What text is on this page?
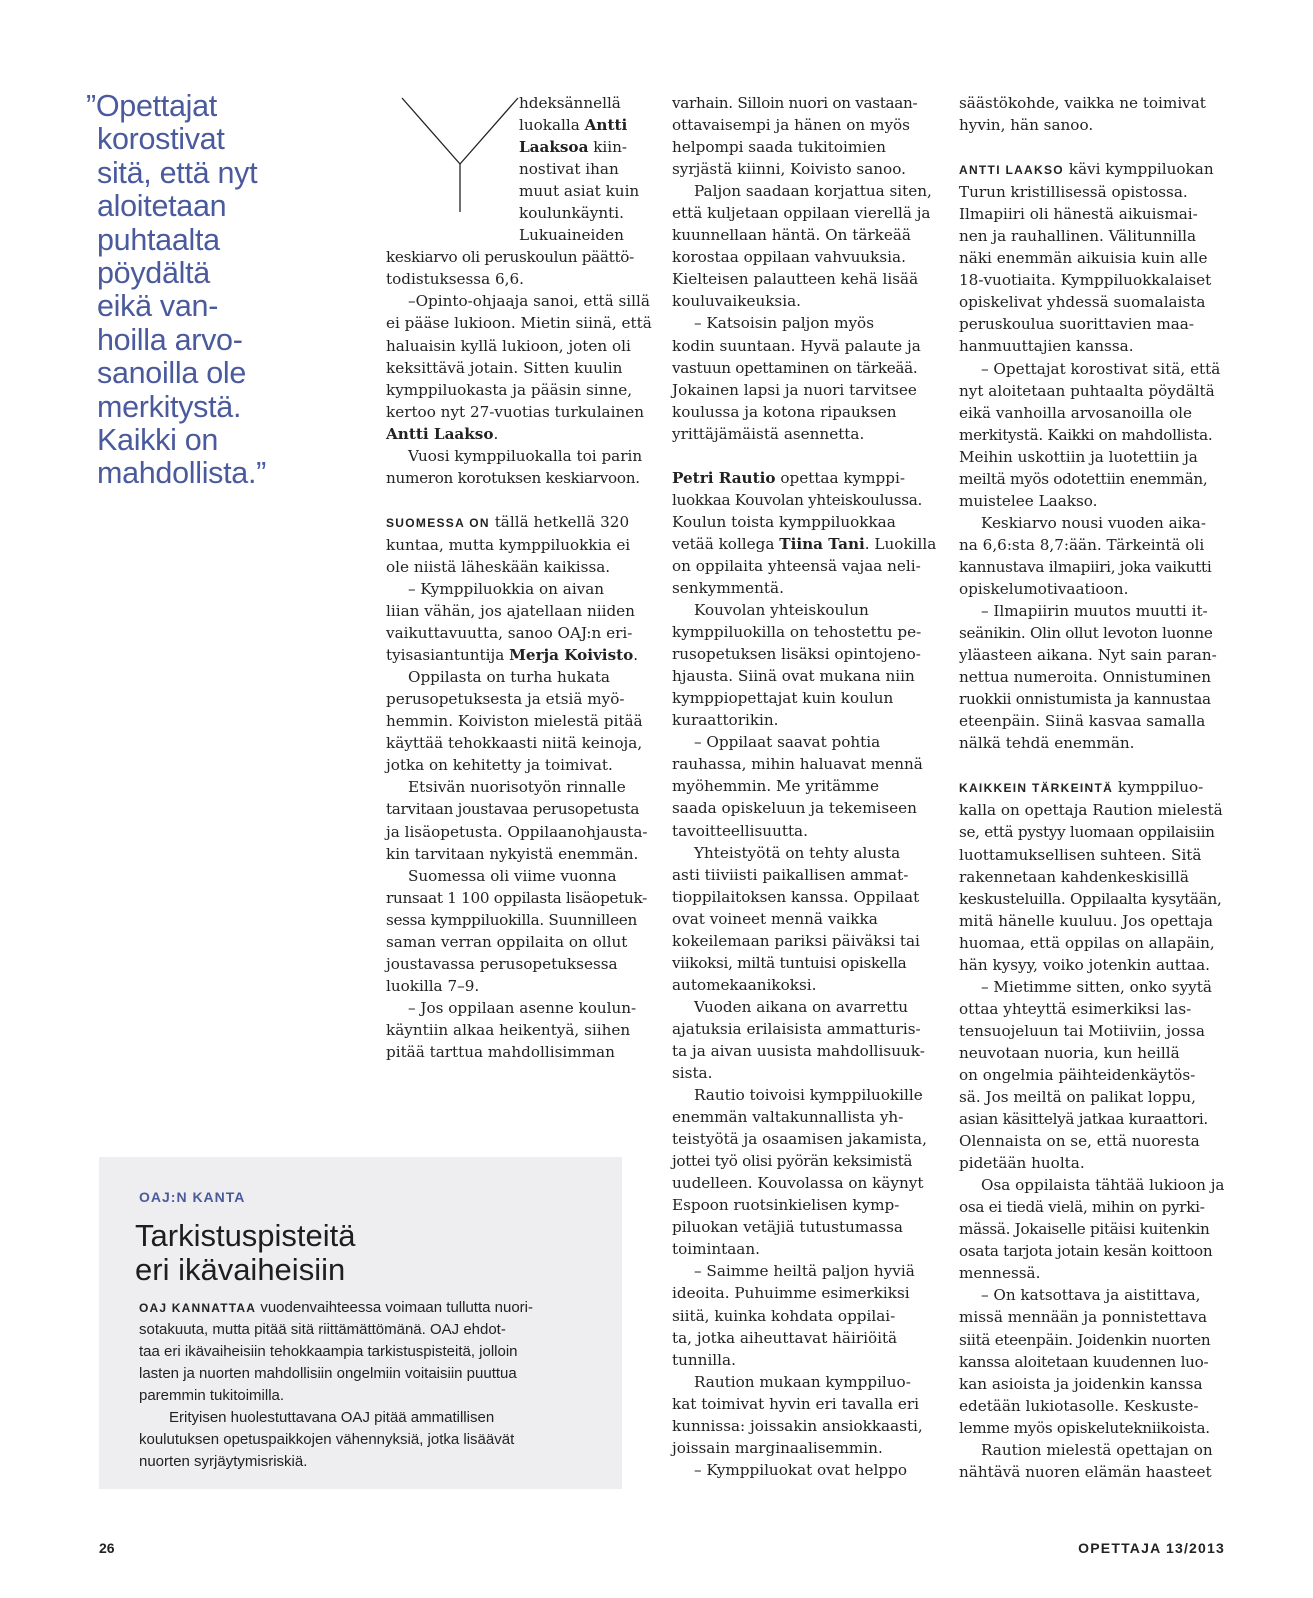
”Opettajat
korostivat
sitä, että nyt
aloitetaan
puhtaalta
pöydältä
eikä van-
hoilla arvo-
sanoilla ole
merkitystä.
Kaikki on
mahdollista.”
Y	hdeksännellä
luokalla Antti
Laaksoa kiin-
nostivat ihan
muut asiat kuin
koulunkäynti.
Lukuaineiden
keskiarvo oli peruskoulun päättö-
todistuksessa 6,6.
–Opinto-ohjaaja sanoi, että sillä
ei pääse lukioon. Mietin siinä, että
haluaisin kyllä lukioon, joten oli
keksittävä jotain. Sitten kuulin
kymppiluokasta ja pääsin sinne,
kertoo nyt 27-vuotias turkulainen
Antti Laakso.
Vuosi kymppiluokalla toi parin
numeron korotuksen keskiarvoon.
SUOMESSA ON tällä hetkellä 320
kuntaa, mutta kymppiluokkia ei
ole niistä läheskään kaikissa.
– Kymppiluokkia on aivan
liian vähän, jos ajatellaan niiden
vaikuttavuutta, sanoo OAJ:n eri-
tyisasiantuntija Merja Koivisto.
Oppilasta on turha hukata
perusopetuksesta ja etsiä myö-
hemmin. Koiviston mielestä pitää
käyttää tehokkaasti niitä keinoja,
jotka on kehitetty ja toimivat.
Etsivän nuorisotyön rinnalle
tarvitaan joustavaa perusopetusta
ja lisäopetusta. Oppilaanohjausta-
kin tarvitaan nykyistä enemmän.
Suomessa oli viime vuonna
runsaat 1 100 oppilasta lisäopetuk-
sessa kymppiluokilla. Suunnilleen
saman verran oppilaita on ollut
joustavassa perusopetuksessa
luokilla 7–9.
– Jos oppilaan asenne koulun-
käyntiin alkaa heikentyä, siihen
pitää tarttua mahdollisimman
varhain. Silloin nuori on vastaan-
ottavaisempi ja hänen on myös
helpompi saada tukitoimien
syrjästä kiinni, Koivisto sanoo.
Paljon saadaan korjattua siten,
että kuljetaan oppilaan vierellä ja
kuunnellaan häntä. On tärkeää
korostaa oppilaan vahvuuksia.
Kielteisen palautteen kehä lisää
kouluvaikeuksia.
– Katsoisin paljon myös
kodin suuntaan. Hyvä palaute ja
vastuun opettaminen on tärkeää.
Jokainen lapsi ja nuori tarvitsee
koulussa ja kotona ripauksen
yrittäjämäistä asennetta.
Petri Rautio opettaa kymppi-
luokkaa Kouvolan yhteiskoulussa.
Koulun toista kymppiluokkaa
vetää kollega Tiina Tani. Luokilla
on oppilaita yhteensä vajaa neli-
senkymmentä.
Kouvolan yhteiskoulun
kymppiluokilla on tehostettu pe-
rusopetuksen lisäksi opintojeno-
hjausta. Siinä ovat mukana niin
kymppiopettajat kuin koulun
kuraattorikin.
– Oppilaat saavat pohtia
rauhassa, mihin haluavat mennä
myöhemmin. Me yritämme
saada opiskeluun ja tekemiseen
tavoitteellisuutta.
Yhteistyötä on tehty alusta
asti tiiviisti paikallisen ammat-
tioppilaitoksen kanssa. Oppilaat
ovat voineet mennä vaikka
kokeilemaan pariksi päiväksi tai
viikoksi, miltä tuntuisi opiskella
automekaanikoksi.
Vuoden aikana on avarrettu
ajatuksia erilaisista ammatturis-
ta ja aivan uusista mahdollisuuk-
sista.
Rautio toivoisi kymppiluokille
enemmän valtakunnallista yh-
teistyötä ja osaamisen jakamista,
jottei työ olisi pyörän keksimistä
uudelleen. Kouvolassa on käynyt
Espoon ruotsinkielisen kymp-
piluokan vetäjiä tutustumassa
toimintaan.
– Saimme heiltä paljon hyviä
ideoita. Puhuimme esimerkiksi
siitä, kuinka kohdata oppilai-
ta, jotka aiheuttavat häiriöitä
tunnilla.
Raution mukaan kymppiluo-
kat toimivat hyvin eri tavalla eri
kunnissa: joissakin ansiokkaasti,
joissain marginaalisemmin.
– Kymppiluokat ovat helppo
säästökohde, vaikka ne toimivat
hyvin, hän sanoo.
ANTTI LAAKSO kävi kymppiluokan
Turun kristillisessä opistossa.
Ilmapiiri oli hänestä aikuismai-
nen ja rauhallinen. Välitunnilla
näki enemmän aikuisia kuin alle
18-vuotiaita. Kymppiluokkalaiset
opiskelivat yhdessä suomalaista
peruskoulua suorittavien maa-
hanmuuttajien kanssa.
– Opettajat korostivat sitä, että
nyt aloitetaan puhtaalta pöydältä
eikä vanhoilla arvosanoilla ole
merkitystä. Kaikki on mahdollista.
Meihin uskottiin ja luotettiin ja
meiltä myös odotettiin enemmän,
muistelee Laakso.
Keskiarvo nousi vuoden aika-
na 6,6:sta 8,7:ään. Tärkeintä oli
kannustava ilmapiiri, joka vaikutti
opiskelumotivaatioon.
– Ilmapiirin muutos muutti it-
seänikin. Olin ollut levoton luonne
yläasteen aikana. Nyt sain paran-
nettua numeroita. Onnistuminen
ruokkii onnistumista ja kannustaa
eteenpäin. Siinä kasvaa samalla
nälkä tehdä enemmän.
KAIKKEIN TÄRKEINTÄ kymppiluo-
kalla on opettaja Raution mielestä
se, että pystyy luomaan oppilaisiin
luottamuksellisen suhteen. Sitä
rakennetaan kahdenkeskisillä
keskusteluilla. Oppilaalta kysytään,
mitä hänelle kuuluu. Jos opettaja
huomaa, että oppilas on allapäin,
hän kysyy, voiko jotenkin auttaa.
– Mietimme sitten, onko syytä
ottaa yhteyttä esimerkiksi las-
tensuojeluun tai Motiiviin, jossa
neuvotaan nuoria, kun heillä
on ongelmia päihteidenkäytös-
sä. Jos meiltä on palikat loppu,
asian käsittelyä jatkaa kuraattori.
Olennaista on se, että nuoresta
pidetään huolta.
Osa oppilaista tähtää lukioon ja
osa ei tiedä vielä, mihin on pyrki-
mässä. Jokaiselle pitäisi kuitenkin
osata tarjota jotain kesän koittoon
mennessä.
– On katsottava ja aistittava,
missä mennään ja ponnistettava
siitä eteenpäin. Joidenkin nuorten
kanssa aloitetaan kuudennen luo-
kan asioista ja joidenkin kanssa
edetään lukiotasolle. Keskuste-
lemme myös opiskelutekniikoista.
Raution mielestä opettajan on
nähtävä nuoren elämän haasteet
OAJ:N KANTA
Tarkistuspisteitä
eri ikävaiheisiin
OAJ KANNATTAA vuodenvaihteessa voimaan tullutta nuori-
sotakuuta, mutta pitää sitä riittämättömänä. OAJ ehdot-
taa eri ikävaiheisiin tehokkaampia tarkistuspisteitä, jolloin
lasten ja nuorten mahdollisiin ongelmiin voitaisiin puuttua
paremmin tukitoimilla.
Erityisen huolestuttavana OAJ pitää ammatillisen
koulutuksen opetuspaikkojen vähennyksiä, jotka lisäävät
nuorten syrjäytymisriskiä.
26	OPETTAJA 13/2013
